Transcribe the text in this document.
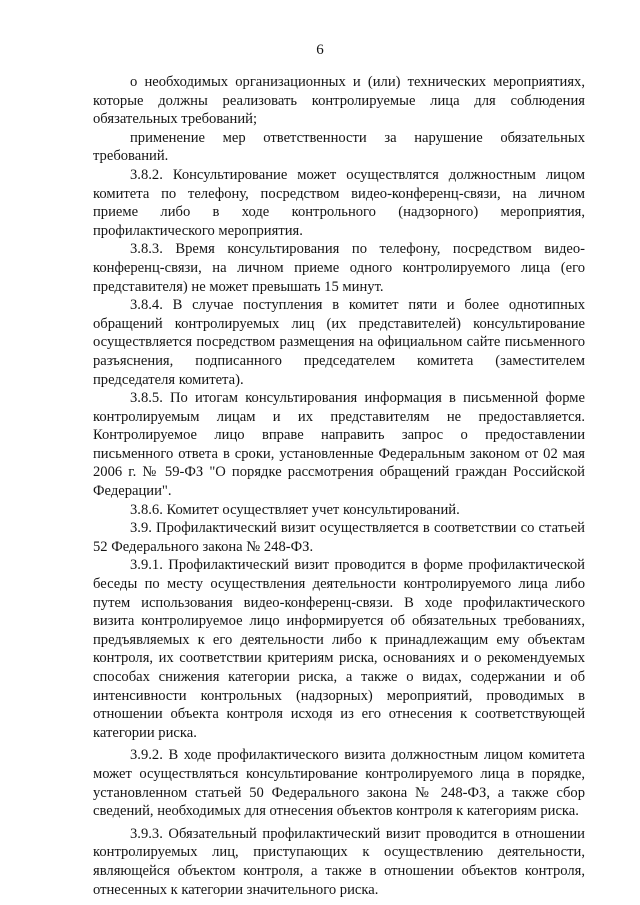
6

о необходимых организационных и (или) технических мероприятиях, которые должны реализовать контролируемые лица для соблюдения обязательных требований;

применение мер ответственности за нарушение обязательных требований.

3.8.2. Консультирование может осуществлятся должностным лицом комитета по телефону, посредством видео-конференц-связи, на личном приеме либо в ходе контрольного (надзорного) мероприятия, профилактического мероприятия.

3.8.3. Время консультирования по телефону, посредством видео-конференц-связи, на личном приеме одного контролируемого лица (его представителя) не может превышать 15 минут.

3.8.4. В случае поступления в комитет пяти и более однотипных обращений контролируемых лиц (их представителей) консультирование осуществляется посредством размещения на официальном сайте письменного разъяснения, подписанного председателем комитета (заместителем председателя комитета).

3.8.5. По итогам консультирования информация в письменной форме контролируемым лицам и их представителям не предоставляется. Контролируемое лицо вправе направить запрос о предоставлении письменного ответа в сроки, установленные Федеральным законом от 02 мая 2006 г. № 59-ФЗ "О порядке рассмотрения обращений граждан Российской Федерации".

3.8.6. Комитет осуществляет учет консультирований.

3.9. Профилактический визит осуществляется в соответствии со статьей 52 Федерального закона № 248-ФЗ.

3.9.1. Профилактический визит проводится в форме профилактической беседы по месту осуществления деятельности контролируемого лица либо путем использования видео-конференц-связи. В ходе профилактического визита контролируемое лицо информируется об обязательных требованиях, предъявляемых к его деятельности либо к принадлежащим ему объектам контроля, их соответствии критериям риска, основаниях и о рекомендуемых способах снижения категории риска, а также о видах, содержании и об интенсивности контрольных (надзорных) мероприятий, проводимых в отношении объекта контроля исходя из его отнесения к соответствующей категории риска.

3.9.2. В ходе профилактического визита должностным лицом комитета может осуществляться консультирование контролируемого лица в порядке, установленном статьей 50 Федерального закона № 248-ФЗ, а также сбор сведений, необходимых для отнесения объектов контроля к категориям риска.

3.9.3. Обязательный профилактический визит проводится в отношении контролируемых лиц, приступающих к осуществлению деятельности, являющейся объектом контроля, а также в отношении объектов контроля, отнесенных к категории значительного риска.
